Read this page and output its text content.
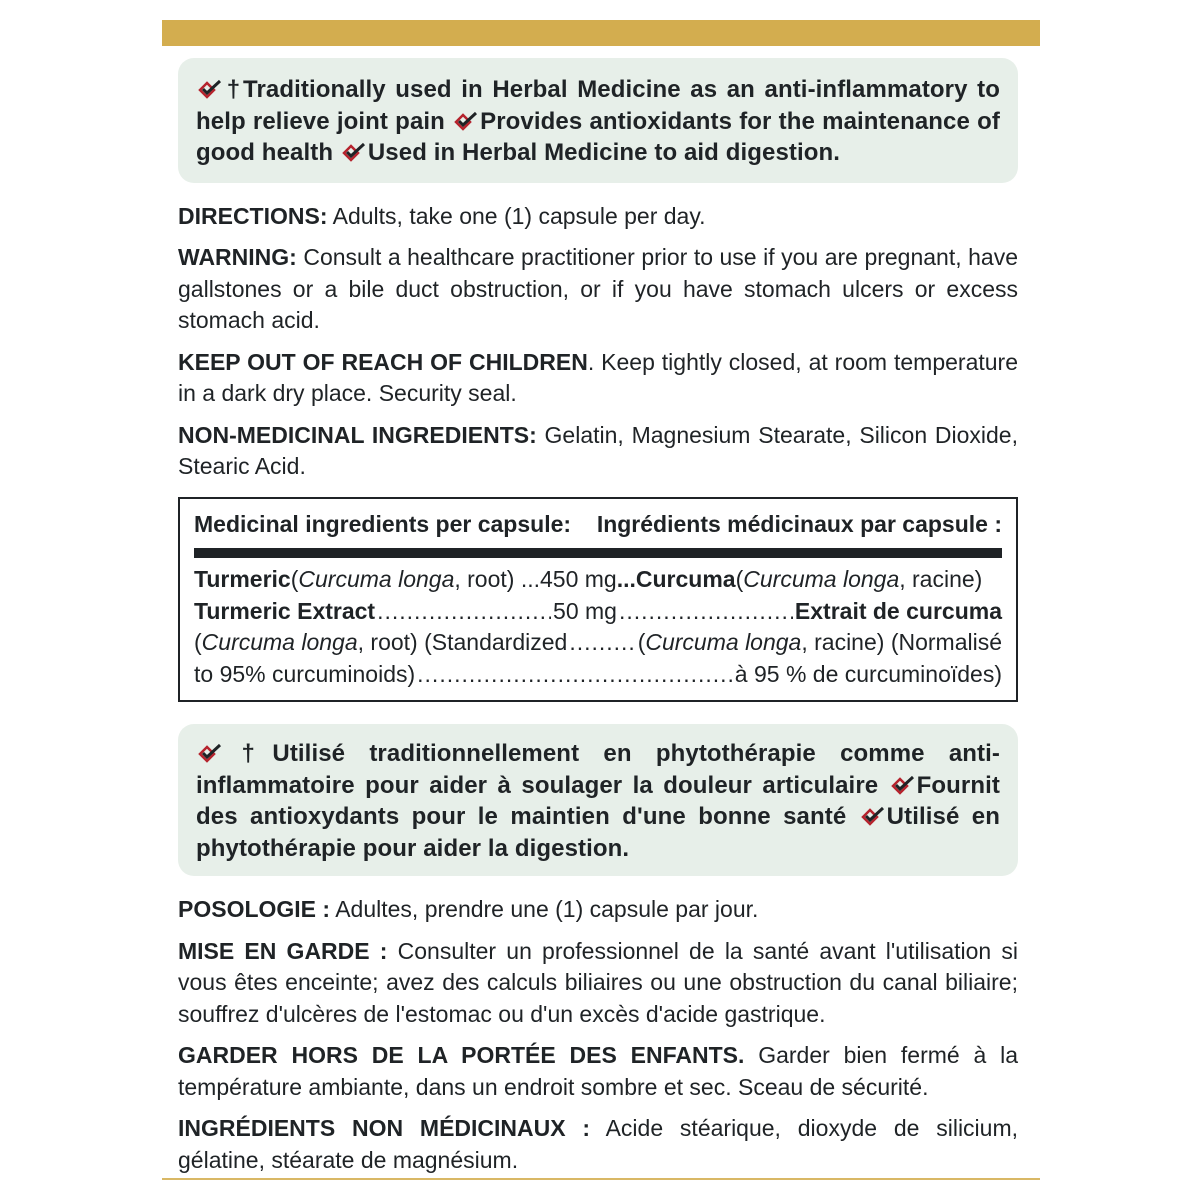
†Traditionally used in Herbal Medicine as an anti-inflammatory to help relieve joint pain Provides antioxidants for the maintenance of good health Used in Herbal Medicine to aid digestion.
DIRECTIONS: Adults, take one (1) capsule per day.
WARNING: Consult a healthcare practitioner prior to use if you are pregnant, have gallstones or a bile duct obstruction, or if you have stomach ulcers or excess stomach acid.
KEEP OUT OF REACH OF CHILDREN. Keep tightly closed, at room temperature in a dark dry place. Security seal.
NON-MEDICINAL INGREDIENTS: Gelatin, Magnesium Stearate, Silicon Dioxide, Stearic Acid.
Medicinal ingredients per capsule: Ingrédients médicinaux par capsule :
Turmeric ( Curcuma longa , root) ... 450 mg ... Curcuma ( Curcuma longa , racine)
Turmeric Extract .....	50 mg .....	Extrait de curcuma
( Curcuma longa , root) (Standardized .....	( Curcuma longa , racine) (Normalisé
to 95% curcuminoids) .....	à 95 % de curcuminoïdes)
†Utilisé traditionnellement en phytothérapie comme anti-inflammatoire pour aider à soulager la douleur articulaire Fournit des antioxydants pour le maintien d'une bonne santé Utilisé en phytothérapie pour aider la digestion.
POSOLOGIE : Adultes, prendre une (1) capsule par jour.
MISE EN GARDE : Consulter un professionnel de la santé avant l'utilisation si vous êtes enceinte; avez des calculs biliaires ou une obstruction du canal biliaire; souffrez d'ulcères de l'estomac ou d'un excès d'acide gastrique.
GARDER HORS DE LA PORTÉE DES ENFANTS. Garder bien fermé à la température ambiante, dans un endroit sombre et sec. Sceau de sécurité.
INGRÉDIENTS NON MÉDICINAUX : Acide stéarique, dioxyde de silicium, gélatine, stéarate de magnésium.
